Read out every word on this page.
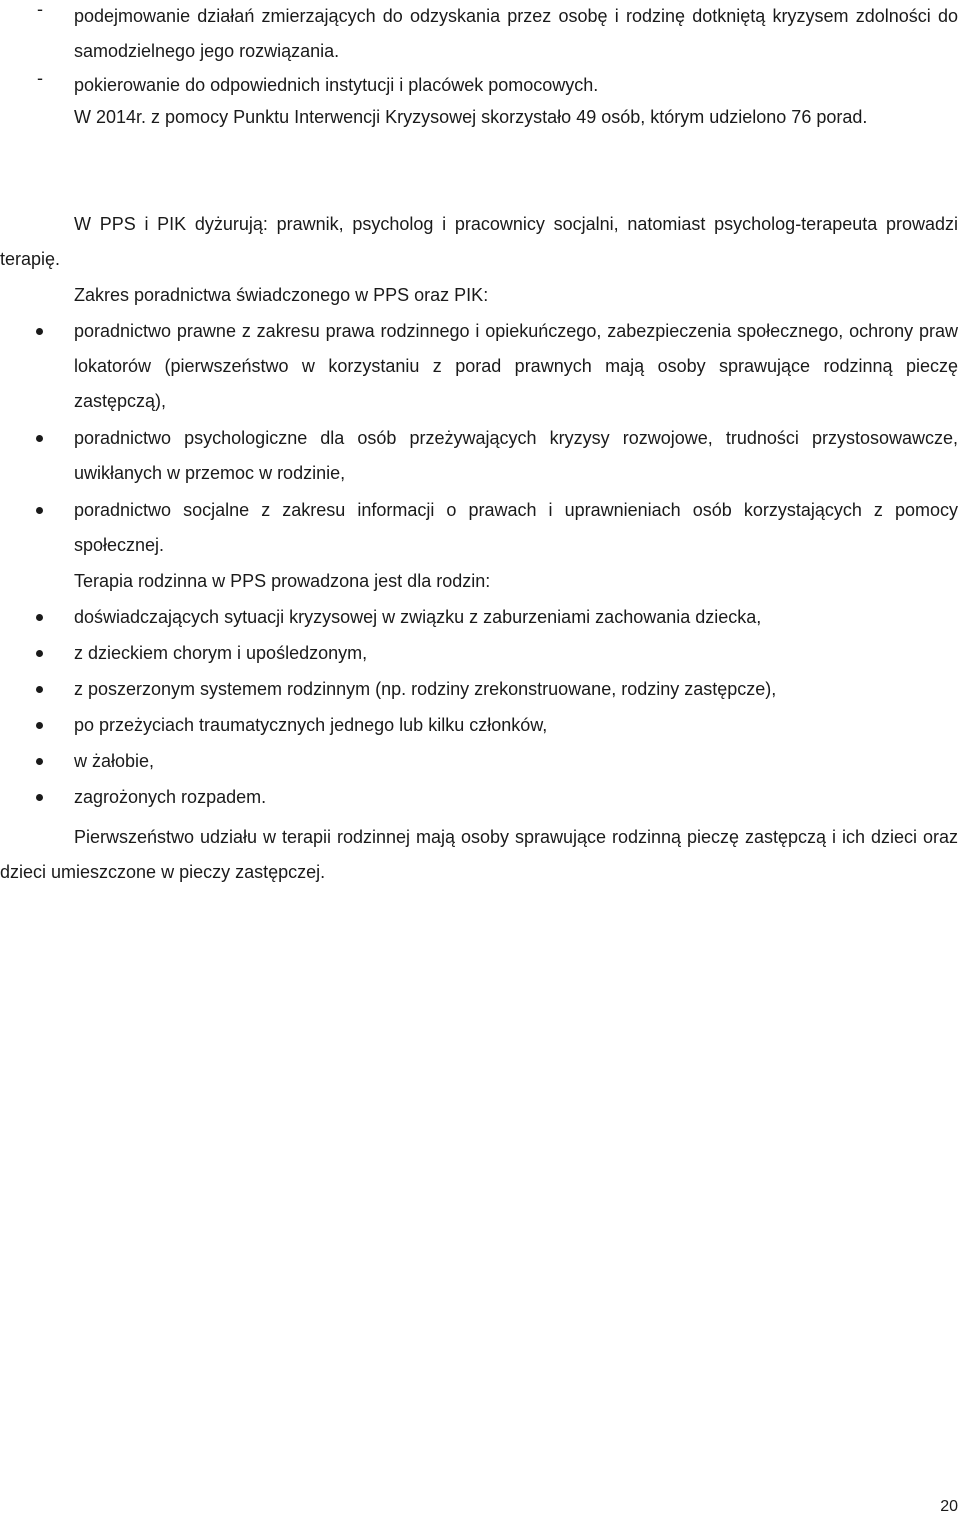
- podejmowanie działań zmierzających do odzyskania przez osobę i rodzinę dotkniętą kryzysem zdolności do samodzielnego jego rozwiązania.
- pokierowanie do odpowiednich instytucji i placówek pomocowych.

W 2014r. z pomocy Punktu Interwencji Kryzysowej skorzystało 49 osób, którym udzielono 76 porad.

W PPS i PIK dyżurują: prawnik, psycholog i pracownicy socjalni, natomiast psycholog-terapeuta prowadzi terapię.

Zakres poradnictwa świadczonego w PPS oraz PIK:
poradnictwo prawne z zakresu prawa rodzinnego i opiekuńczego, zabezpieczenia społecznego, ochrony praw lokatorów (pierwszeństwo w korzystaniu z porad prawnych mają osoby sprawujące rodzinną pieczę zastępczą),
poradnictwo psychologiczne dla osób przeżywających kryzysy rozwojowe, trudności przystosowawcze, uwikłanych w przemoc w rodzinie,
poradnictwo socjalne z zakresu informacji o prawach i uprawnieniach osób korzystających z pomocy społecznej.
Terapia rodzinna w PPS prowadzona jest dla rodzin:
doświadczających sytuacji kryzysowej w związku z zaburzeniami zachowania dziecka,
z dzieckiem chorym i upośledzonym,
z poszerzonym systemem rodzinnym (np. rodziny zrekonstruowane, rodziny zastępcze),
po przeżyciach traumatycznych jednego lub kilku członków,
w żałobie,
zagrożonych rozpadem.

Pierwszeństwo udziału w terapii rodzinnej mają osoby sprawujące rodzinną pieczę zastępczą i ich dzieci oraz dzieci umieszczone w pieczy zastępczej.

20
